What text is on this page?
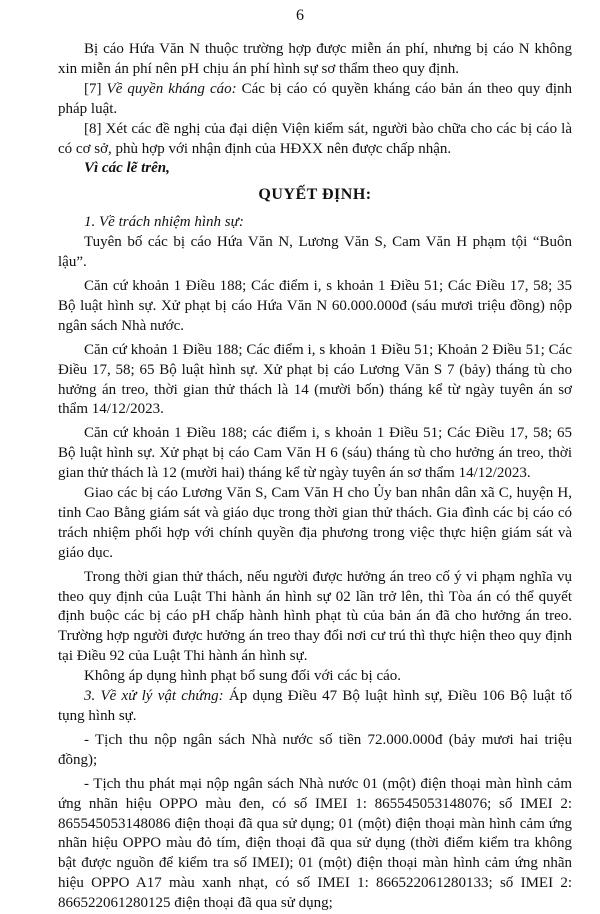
6

Bị cáo Hứa Văn N thuộc trường hợp được miễn án phí, nhưng bị cáo N không xin miễn án phí nên pH chịu án phí hình sự sơ thẩm theo quy định.

[7] Về quyền kháng cáo: Các bị cáo có quyền kháng cáo bản án theo quy định pháp luật.

[8] Xét các đề nghị của đại diện Viện kiểm sát, người bào chữa cho các bị cáo là có cơ sở, phù hợp với nhận định của HĐXX nên được chấp nhận.

Vì các lẽ trên,

QUYẾT ĐỊNH:

1. Về trách nhiệm hình sự:

Tuyên bố các bị cáo Hứa Văn N, Lương Văn S, Cam Văn H phạm tội “Buôn lậu”.

Căn cứ khoản 1 Điều 188; Các điểm i, s khoản 1 Điều 51; Các Điều 17, 58; 35 Bộ luật hình sự. Xử phạt bị cáo Hứa Văn N 60.000.000đ (sáu mươi triệu đồng) nộp ngân sách Nhà nước.

Căn cứ khoản 1 Điều 188; Các điểm i, s khoản 1 Điều 51; Khoản 2 Điều 51; Các Điều 17, 58; 65 Bộ luật hình sự. Xử phạt bị cáo Lương Văn S 7 (bảy) tháng tù cho hưởng án treo, thời gian thử thách là 14 (mười bốn) tháng kể từ ngày tuyên án sơ thẩm 14/12/2023.

Căn cứ khoản 1 Điều 188; các điểm i, s khoản 1 Điều 51; Các Điều 17, 58; 65 Bộ luật hình sự. Xử phạt bị cáo Cam Văn H 6 (sáu) tháng tù cho hưởng án treo, thời gian thử thách là 12 (mười hai) tháng kể từ ngày tuyên án sơ thẩm 14/12/2023.

Giao các bị cáo Lương Văn S, Cam Văn H cho Ủy ban nhân dân xã C, huyện H, tỉnh Cao Bằng giám sát và giáo dục trong thời gian thử thách. Gia đình các bị cáo có trách nhiệm phối hợp với chính quyền địa phương trong việc thực hiện giám sát và giáo dục.

Trong thời gian thử thách, nếu người được hưởng án treo cố ý vi phạm nghĩa vụ theo quy định của Luật Thi hành án hình sự 02 lần trở lên, thì Tòa án có thể quyết định buộc các bị cáo pH chấp hành hình phạt tù của bản án đã cho hưởng án treo. Trường hợp người được hưởng án treo thay đổi nơi cư trú thì thực hiện theo quy định tại Điều 92 của Luật Thi hành án hình sự.

Không áp dụng hình phạt bổ sung đối với các bị cáo.

3. Về xử lý vật chứng: Áp dụng Điều 47 Bộ luật hình sự, Điều 106 Bộ luật tố tụng hình sự.

- Tịch thu nộp ngân sách Nhà nước số tiền 72.000.000đ (bảy mươi hai triệu đồng);

- Tịch thu phát mại nộp ngân sách Nhà nước 01 (một) điện thoại màn hình cảm ứng nhãn hiệu OPPO màu đen, có số IMEI 1: 865545053148076; số IMEI 2: 865545053148086 điện thoại đã qua sử dụng; 01 (một) điện thoại màn hình cảm ứng nhãn hiệu OPPO màu đỏ tím, điện thoại đã qua sử dụng (thời điểm kiểm tra không bật được nguồn để kiểm tra số IMEI); 01 (một) điện thoại màn hình cảm ứng nhãn hiệu OPPO A17 màu xanh nhạt, có số IMEI 1: 866522061280133; số IMEI 2: 866522061280125 điện thoại đã qua sử dụng;
